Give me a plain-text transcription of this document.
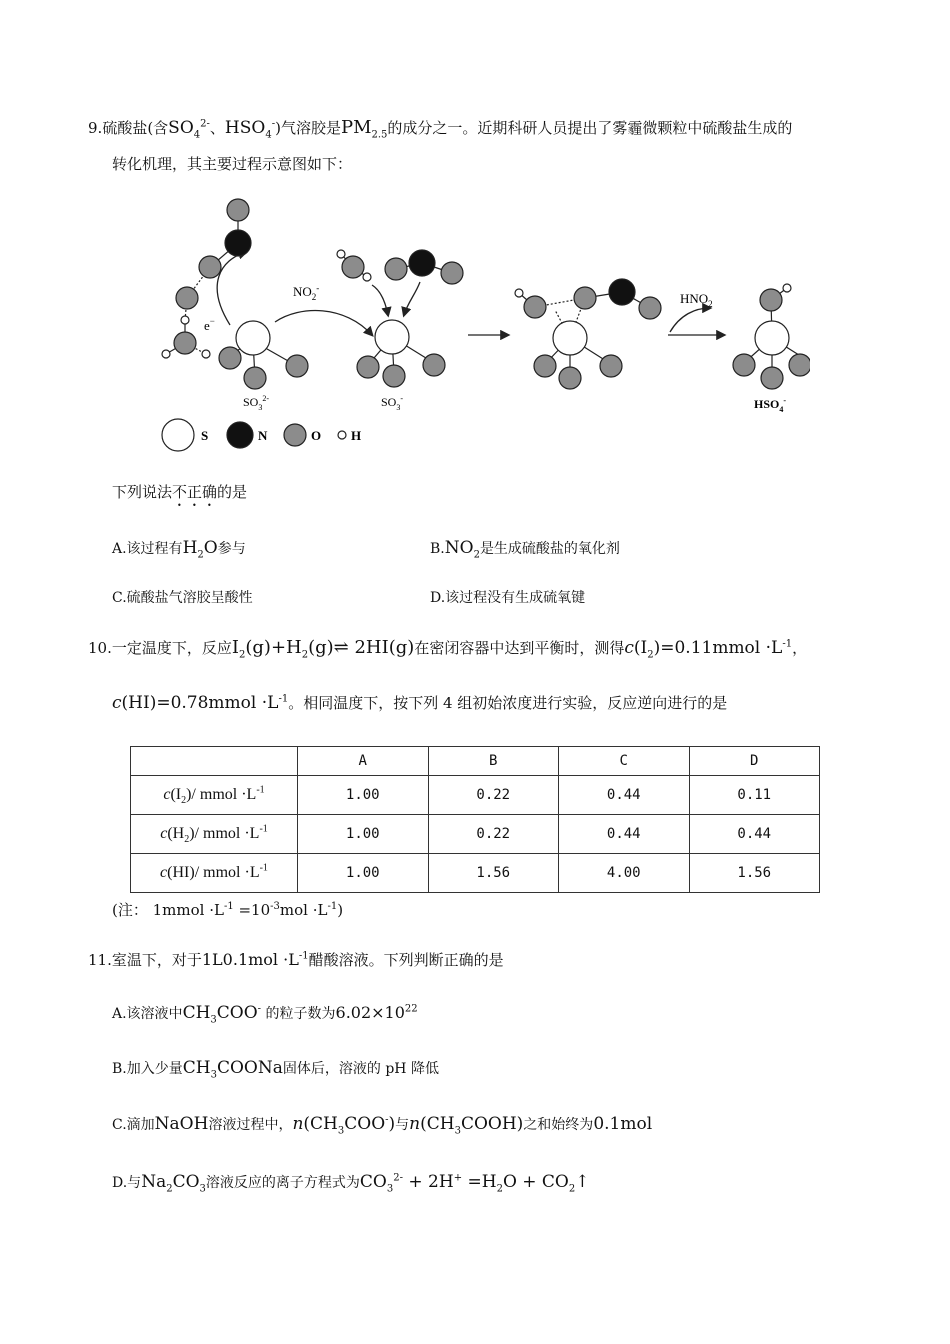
9.硫酸盐(含$SO_4^{2-}$、$HSO_4^-$)气溶胶是$PM_{2.5}$的成分之一。近期科研人员提出了雾霾微颗粒中硫酸盐生成的
转化机理，其主要过程示意图如下：
$NO_2^-$
e−
$HNO_2$
$SO_3^{2-}$	$SO_3^-$	$HSO_4^-$
S	N	O H
下列说法不正确的是
A.该过程有$H_2O$参与	$B.NO_2$是生成硫酸盐的氧化剂
C.硫酸盐气溶胶呈酸性	D.该过程没有生成硫氧键
10.一定温度下，反应$I_2(g)+H_2(g)\rightleftharpoons$ 2HI(g)在密闭容器中达到平衡时，测得$c(I_2)=0.11mmol \cdot L^{-1}$，
c(HI)=0.78mmol $\cdot L^{-1}$。相同温度下，按下列 4 组初始浓度进行实验，反应逆向进行的是
	A	B	C	D
$c(I_2)/$ mmol $\cdot L^{-1}$	1.00	0.22	0.44	0.11
$c(H_2)/$ mmol $\cdot L^{-1}$	1.00	0.22	0.44	0.44
c(HI)/ mmol $\cdot L^{-1}$	1.00	1.56	4.00	1.56
(注： 1mmol $\cdot L^{-1} =10^{-3}mol \cdot L^{-1}$)
11.室温下，对于$1L0.1mol \cdot L^{-1}$醋酸溶液。下列判断正确的是
A.该溶液中$CH_3COO^-$ 的粒子数为$6.02\times 10^{22}$
B.加入少量$CH_3COONa$固体后，溶液的 pH 降低
C.滴加NaOH溶液过程中，$n(CH_3COO^-)$与$n(CH_3COOH)$之和始终为0.1mol
D.与$Na_2CO_3$溶液反应的离子方程式为$CO_3^{2-} + 2H^+ =H_2O$ + $CO_2↑$
